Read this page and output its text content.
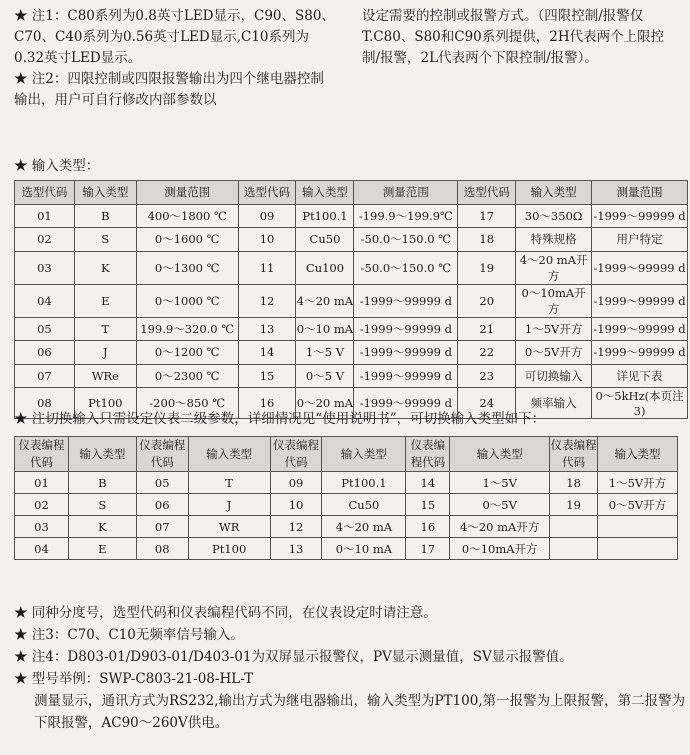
★ 注1：C80系列为0.8英寸LED显示，C90、S80、C70、C40系列为0.56英寸LED显示,C10系列为0.32英寸LED显示。
★ 注2：四限控制或四限报警输出为四个继电器控制输出，用户可自行修改内部参数以
设定需要的控制或报警方式。（四限控制/报警仅T.C80、S80和C90系列提供，2H代表两个上限控制/报警，2L代表两个下限控制/报警）。
★ 输入类型：
选型代码	输入类型	测量范围	选型代码	输入类型	测量范围	选型代码	输入类型	测量范围
01	B	400～1800 ℃	09	Pt100.1	-199.9～199.9℃	17	30～350Ω	-1999～99999 d
02	S	0～1600 ℃	10	Cu50	-50.0～150.0 ℃	18	特殊规格	用户特定
03	K	0～1300 ℃	11	Cu100	-50.0～150.0 ℃	19	4～20 mA开方	-1999～99999 d
04	E	0～1000 ℃	12	4～20 mA	-1999～99999 d	20	0～10mA开方	-1999～99999 d
05	T	199.9～320.0 ℃	13	0～10 mA	-1999～99999 d	21	1～5V开方	-1999～99999 d
06	J	0～1200 ℃	14	1～5 V	-1999～99999 d	22	0～5V开方	-1999～99999 d
07	WRe	0～2300 ℃	15	0～5 V	-1999～99999 d	23	可切换输入	详见下表
08	Pt100	-200～850 ℃	16	0～20 mA	-1999～99999 d	24	频率输入	0～5kHz(本页注3)
★ 注切换输入只需设定仪表二级参数，详细情况见“使用说明书”，可切换输入类型如下：
仪表编程代码	输入类型	仪表编程代码	输入类型	仪表编程代码	输入类型	仪表编程代码	输入类型	仪表编程代码	输入类型
01	B	05	T	09	Pt100.1	14	1～5V	18	1～5V开方
02	S	06	J	10	Cu50	15	0～5V	19	0～5V开方
03	K	07	WR	12	4～20 mA	16	4～20 mA开方		
04	E	08	Pt100	13	0～10 mA	17	0～10mA开方		
★ 同种分度号，选型代码和仪表编程代码不同，在仪表设定时请注意。
★ 注3：C70、C10无频率信号输入。
★ 注4：D803-01/D903-01/D403-01为双屏显示报警仪，PV显示测量值，SV显示报警值。
★ 型号举例：SWP-C803-21-08-HL-T
测量显示，通讯方式为RS232,输出方式为继电器输出，输入类型为PT100,第一报警为上限报警，第二报警为下限报警，AC90～260V供电。
